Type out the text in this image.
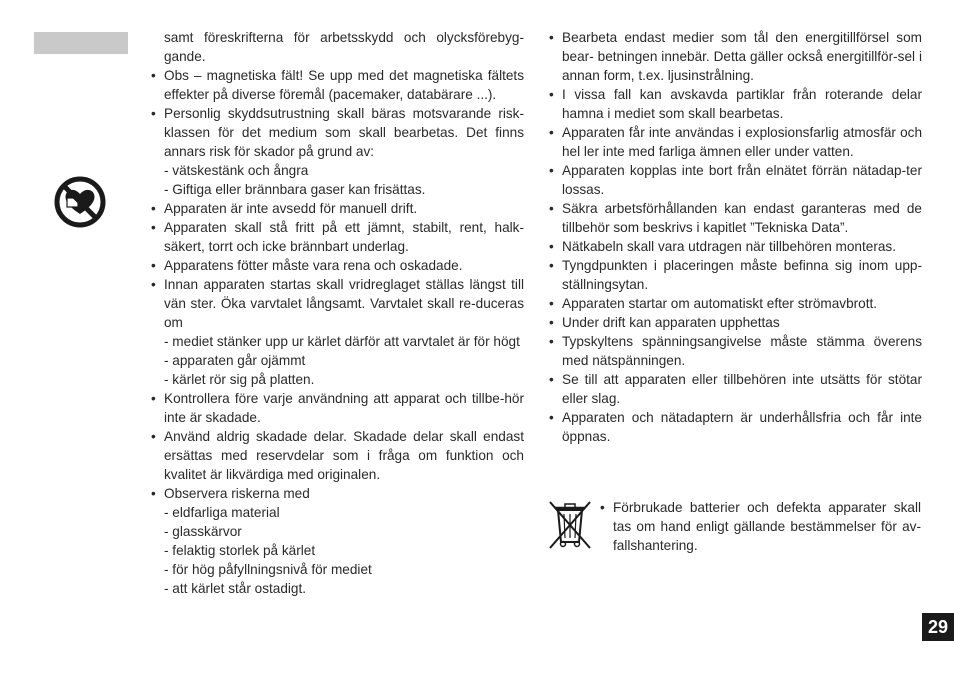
samt föreskrifterna för arbetsskydd och olycksförebyg-gande.
• Obs – magnetiska fält! Se upp med det magnetiska fältets effekter på diverse föremål (pacemaker, databärare ...).
• Personlig skyddsutrustning skall bäras motsvarande risk-klassen för det medium som skall bearbetas. Det finns annars risk för skador på grund av:
- vätskestänk och ångra
- Giftiga eller brännbara gaser kan frisättas.
• Apparaten är inte avsedd för manuell drift.
• Apparaten skall stå fritt på ett jämnt, stabilt, rent, halk-säkert, torrt och icke brännbart underlag.
• Apparatens fötter måste vara rena och oskadade.
• Innan apparaten startas skall vridreglaget ställas längst till vän ster. Öka varvtalet långsamt. Varvtalet skall re-duceras om
- mediet stänker upp ur kärlet därför att varvtalet är för högt
- apparaten går ojämmt
- kärlet rör sig på platten.
• Kontrollera före varje användning att apparat och tillbe-hör inte är skadade.
• Använd aldrig skadade delar. Skadade delar skall endast ersättas med reservdelar som i fråga om funktion och kvalitet är likvärdiga med originalen.
• Observera riskerna med
- eldfarliga material
- glasskärvor
- felaktig storlek på kärlet
- för hög påfyllningsnivå för mediet
- att kärlet står ostadigt.
• Bearbeta endast medier som tål den energitillförsel som bear- betningen innebär. Detta gäller också energitillför-sel i annan form, t.ex. ljusinstrålning.
• I vissa fall kan avskavda partiklar från roterande delar hamna i mediet som skall bearbetas.
• Apparaten får inte användas i explosionsfarlig atmosfär och hel ler inte med farliga ämnen eller under vatten.
• Apparaten kopplas inte bort från elnätet förrän nätadap-ter lossas.
• Säkra arbetsförhållanden kan endast garanteras med de tillbehör som beskrivs i kapitlet ”Tekniska Data”.
• Nätkabeln skall vara utdragen när tillbehören monteras.
• Tyngdpunkten i placeringen måste befinna sig inom upp-ställningsytan.
• Apparaten startar om automatiskt efter strömavbrott.
• Under drift kan apparaten upphettas
• Typskyltens spänningsangivelse måste stämma överens med nätspänningen.
• Se till att apparaten eller tillbehören inte utsätts för stötar eller slag.
• Apparaten och nätadaptern är underhållsfria och får inte öppnas.
• Förbrukade batterier och defekta apparater skall tas om hand enligt gällande bestämmelser för av-fallshantering.
29
